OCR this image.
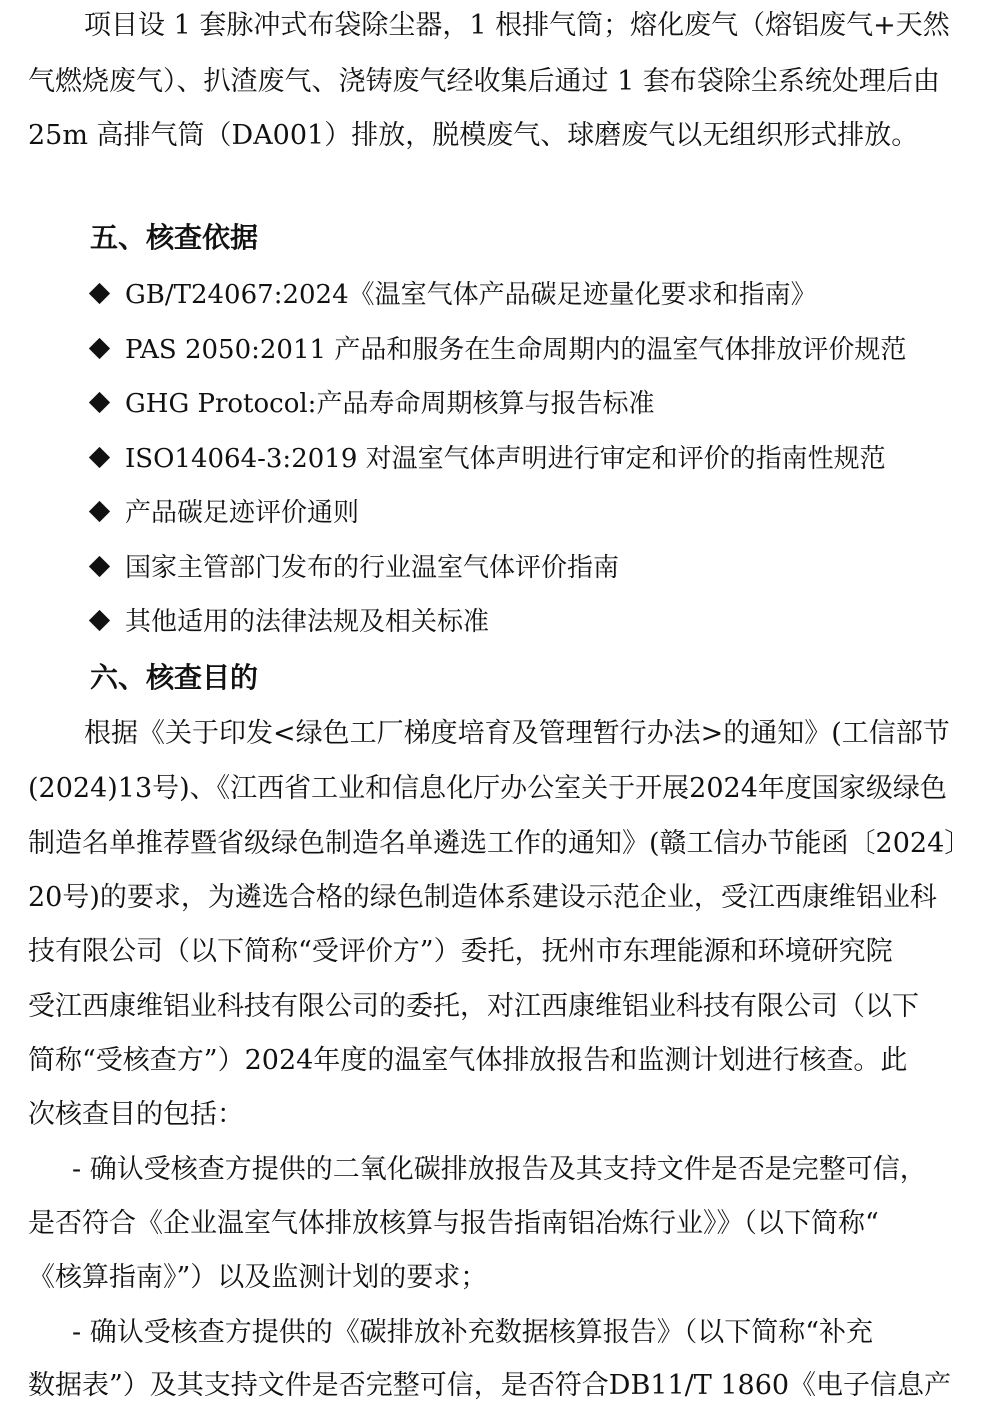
项目设 1 套脉冲式布袋除尘器，1 根排气筒；熔化废气（熔铝废气+天然
气燃烧废气）、扒渣废气、浇铸废气经收集后通过 1 套布袋除尘系统处理后由
25m 高排气筒（DA001）排放，脱模废气、球磨废气以无组织形式排放。
五、核查依据
GB/T24067:2024《温室气体产品碳足迹量化要求和指南》
PAS 2050:2011 产品和服务在生命周期内的温室气体排放评价规范
GHG Protocol:产品寿命周期核算与报告标准
ISO14064-3:2019 对温室气体声明进行审定和评价的指南性规范
产品碳足迹评价通则
国家主管部门发布的行业温室气体评价指南
其他适用的法律法规及相关标准
六、核查目的
根据《关于印发<绿色工厂梯度培育及管理暂行办法>的通知》(工信部节
(2024)13号)、《江西省工业和信息化厅办公室关于开展2024年度国家级绿色
制造名单推荐暨省级绿色制造名单遴选工作的通知》(赣工信办节能函〔2024〕
20号)的要求，为遴选合格的绿色制造体系建设示范企业，受江西康维铝业科
技有限公司（以下简称“受评价方”）委托，抚州市东理能源和环境研究院
受江西康维铝业科技有限公司的委托，对江西康维铝业科技有限公司（以下
简称“受核查方”）2024年度的温室气体排放报告和监测计划进行核查。此
次核查目的包括：
- 确认受核查方提供的二氧化碳排放报告及其支持文件是否是完整可信，
是否符合《企业温室气体排放核算与报告指南铝冶炼行业》》（以下简称“
《核算指南》”）以及监测计划的要求；
- 确认受核查方提供的《碳排放补充数据核算报告》（以下简称“补充
数据表”）及其支持文件是否完整可信，是否符合DB11/T 1860《电子信息产
